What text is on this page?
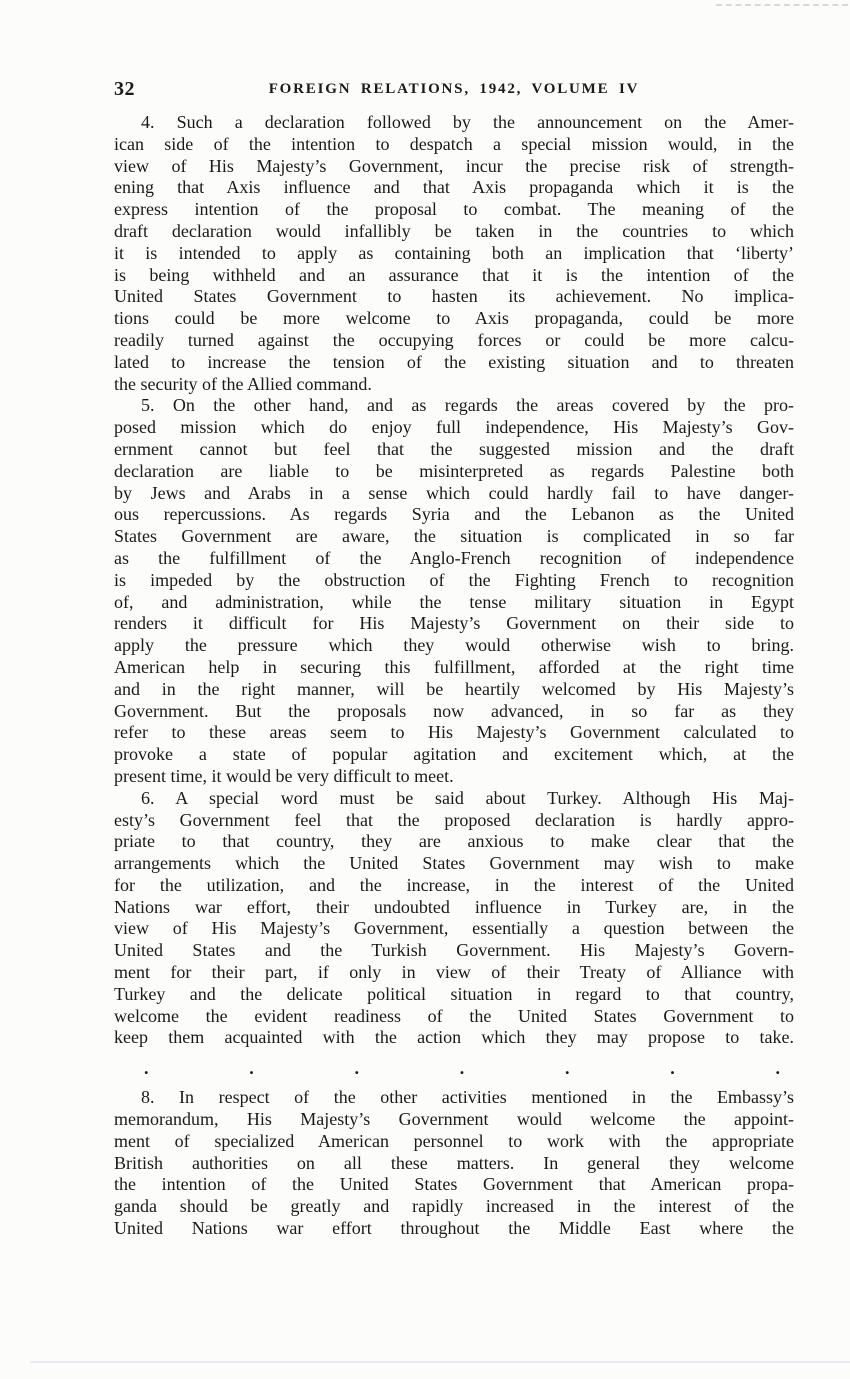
32	FOREIGN RELATIONS, 1942, VOLUME IV
4. Such a declaration followed by the announcement on the Amer-
ican side of the intention to despatch a special mission would, in the
view of His Majesty’s Government, incur the precise risk of strength-
ening that Axis influence and that Axis propaganda which it is the
express intention of the proposal to combat. The meaning of the
draft declaration would infallibly be taken in the countries to which
it is intended to apply as containing both an implication that ‘liberty’
is being withheld and an assurance that it is the intention of the
United States Government to hasten its achievement. No implica-
tions could be more welcome to Axis propaganda, could be more
readily turned against the occupying forces or could be more calcu-
lated to increase the tension of the existing situation and to threaten
the security of the Allied command.
5. On the other hand, and as regards the areas covered by the pro-
posed mission which do enjoy full independence, His Majesty’s Gov-
ernment cannot but feel that the suggested mission and the draft
declaration are liable to be misinterpreted as regards Palestine both
by Jews and Arabs in a sense which could hardly fail to have danger-
ous repercussions. As regards Syria and the Lebanon as the United
States Government are aware, the situation is complicated in so far
as the fulfillment of the Anglo-French recognition of independence
is impeded by the obstruction of the Fighting French to recognition
of, and administration, while the tense military situation in Egypt
renders it difficult for His Majesty’s Government on their side to
apply the pressure which they would otherwise wish to bring.
American help in securing this fulfillment, afforded at the right time
and in the right manner, will be heartily welcomed by His Majesty’s
Government. But the proposals now advanced, in so far as they
refer to these areas seem to His Majesty’s Government calculated to
provoke a state of popular agitation and excitement which, at the
present time, it would be very difficult to meet.
6. A special word must be said about Turkey. Although His Maj-
esty’s Government feel that the proposed declaration is hardly appro-
priate to that country, they are anxious to make clear that the
arrangements which the United States Government may wish to make
for the utilization, and the increase, in the interest of the United
Nations war effort, their undoubted influence in Turkey are, in the
view of His Majesty’s Government, essentially a question between the
United States and the Turkish Government. His Majesty’s Govern-
ment for their part, if only in view of their Treaty of Alliance with
Turkey and the delicate political situation in regard to that country,
welcome the evident readiness of the United States Government to
keep them acquainted with the action which they may propose to take.
.	.	.	.	.	.	.
8. In respect of the other activities mentioned in the Embassy’s
memorandum, His Majesty’s Government would welcome the appoint-
ment of specialized American personnel to work with the appropriate
British authorities on all these matters. In general they welcome
the intention of the United States Government that American propa-
ganda should be greatly and rapidly increased in the interest of the
United Nations war effort throughout the Middle East where the
